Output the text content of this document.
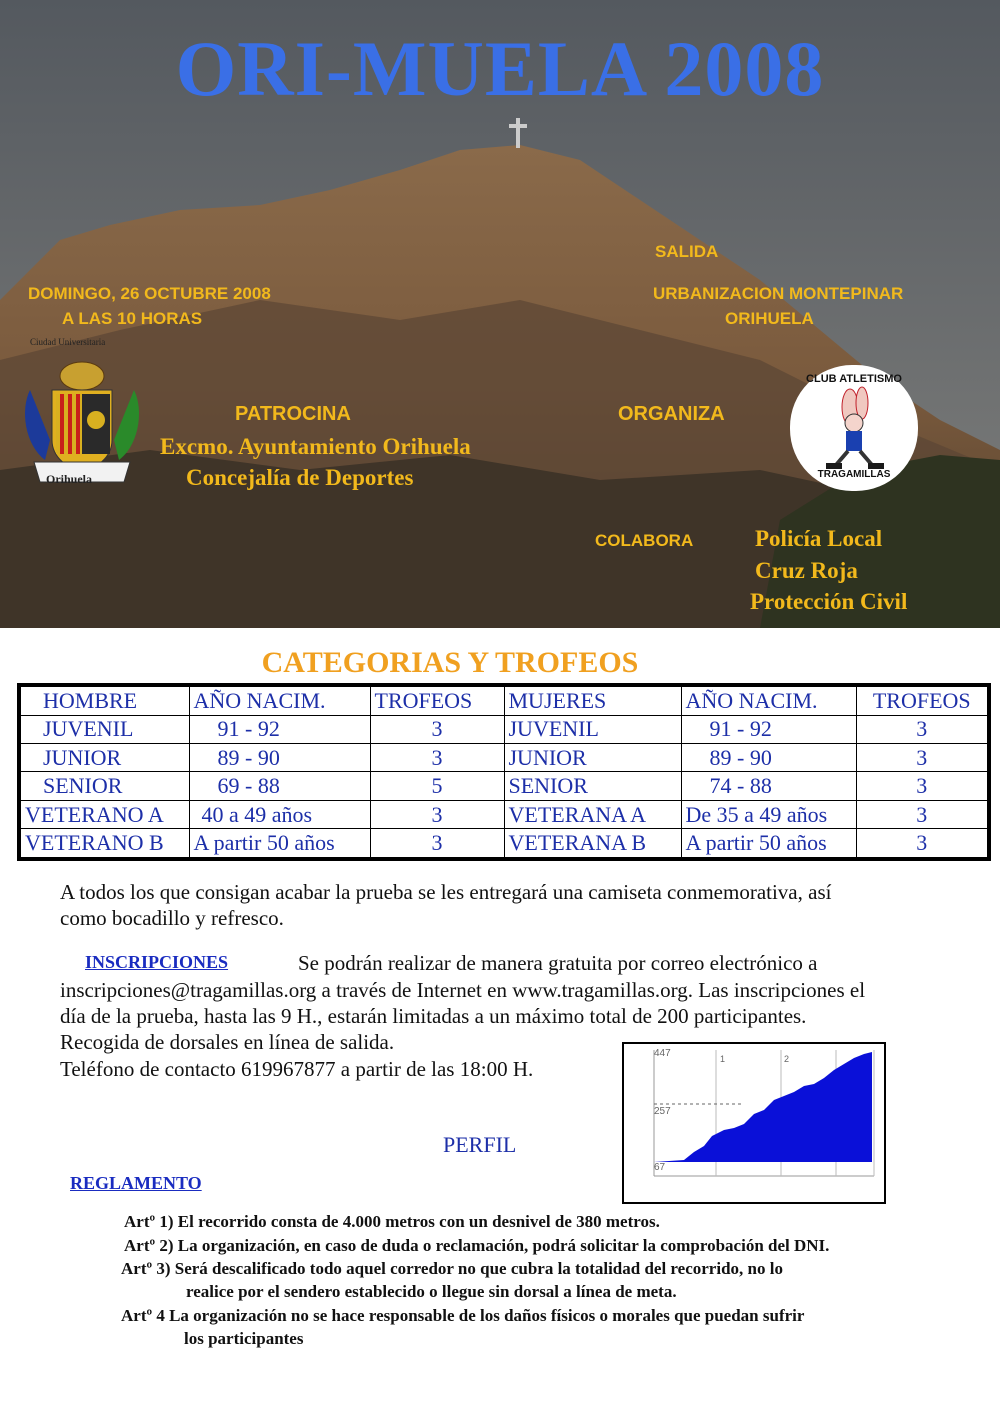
ORI-MUELA 2008
SALIDA
DOMINGO, 26 OCTUBRE 2008
A LAS 10 HORAS
URBANIZACION MONTEPINAR
ORIHUELA
Ciudad Universitaria
Orihuela
PATROCINA
Excmo. Ayuntamiento Orihuela
Concejalía de Deportes
ORGANIZA
CLUB ATLETISMO
TRAGAMILLAS
COLABORA	Policía Local
Cruz Roja
Protección Civil
CATEGORIAS Y TROFEOS
HOMBRE	AÑO NACIM.	TROFEOS	MUJERES	AÑO NACIM.	TROFEOS
JUVENIL	91 - 92	3	JUVENIL	91 - 92	3
JUNIOR	89 - 90	3	JUNIOR	89 - 90	3
SENIOR	69 - 88	5	SENIOR	74 - 88	3
VETERANO A	40 a 49 años	3	VETERANA A	De 35 a 49 años	3
VETERANO B	A partir 50 años	3	VETERANA B	A partir 50 años	3
A todos los que consigan acabar la prueba se les entregará una camiseta conmemorativa, así
como bocadillo y refresco.
INSCRIPCIONES	Se podrán realizar de manera gratuita por correo electrónico a
inscripciones@tragamillas.org a través de Internet en www.tragamillas.org. Las inscripciones el
día de la prueba, hasta las 9 H., estarán limitadas a un máximo total de 200 participantes.
Recogida de dorsales en línea de salida.
Teléfono de contacto 619967877 a partir de las 18:00 H.
PERFIL
447
257
67
1	2
REGLAMENTO
Artº 1) El recorrido consta de 4.000 metros con un desnivel de 380 metros.
Artº 2) La organización, en caso de duda o reclamación, podrá solicitar la comprobación del DNI.
Artº 3) Será descalificado todo aquel corredor no que cubra la totalidad del recorrido, no lo
realice por el sendero establecido o llegue sin dorsal a línea de meta.
Artº 4 La organización no se hace responsable de los daños físicos o morales que puedan sufrir
los participantes
